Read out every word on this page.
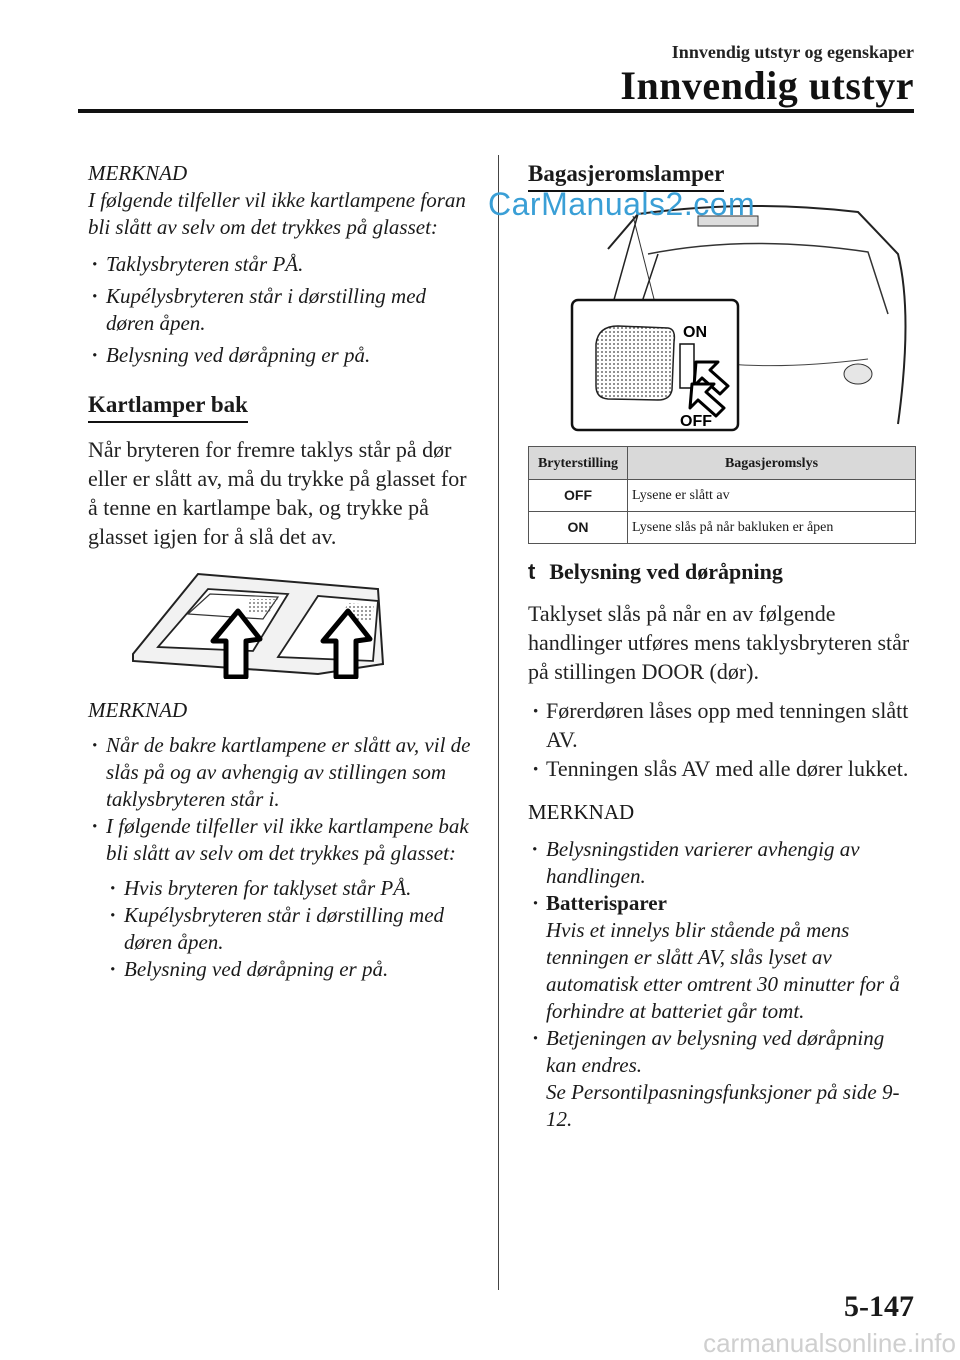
Innvendig utstyr og egenskaper
Innvendig utstyr

MERKNAD

I følgende tilfeller vil ikke kartlampene foran bli slått av selv om det trykkes på glasset:

· Taklysbryteren står PÅ.

· Kupélysbryteren står i dørstilling med døren åpen.

· Belysning ved døråpning er på.

Kartlamper bak

Når bryteren for fremre taklys står på dør eller er slått av, må du trykke på glasset for å tenne en kartlampe bak, og trykke på glasset igjen for å slå det av.

MERKNAD

· Når de bakre kartlampene er slått av, vil de slås på og av avhengig av stillingen som taklysbryteren står i.

· I følgende tilfeller vil ikke kartlampene bak bli slått av selv om det trykkes på glasset:

· Hvis bryteren for taklyset står PÅ.

· Kupélysbryteren står i dørstilling med døren åpen.

· Belysning ved døråpning er på.

Bagasjeromslamper
ON
OFF
Bryterstilling	Bagasjeromslys
OFF	Lysene er slått av
ON	Lysene slås på når bakluken er åpen
t Belysning ved døråpning

Taklyset slås på når en av følgende handlinger utføres mens taklysbryteren står på stillingen DOOR (dør).

· Førerdøren låses opp med tenningen slått AV.

· Tenningen slås AV med alle dører lukket.

MERKNAD

· Belysningstiden varierer avhengig av handlingen.

· Batterisparer
Hvis et innelys blir stående på mens tenningen er slått AV, slås lyset av automatisk etter omtrent 30 minutter for å forhindre at batteriet går tomt.
· Betjeningen av belysning ved døråpning kan endres.
Se Persontilpasningsfunksjoner på side 9-12.
CarManuals2.com
5-147
carmanualsonline.info
